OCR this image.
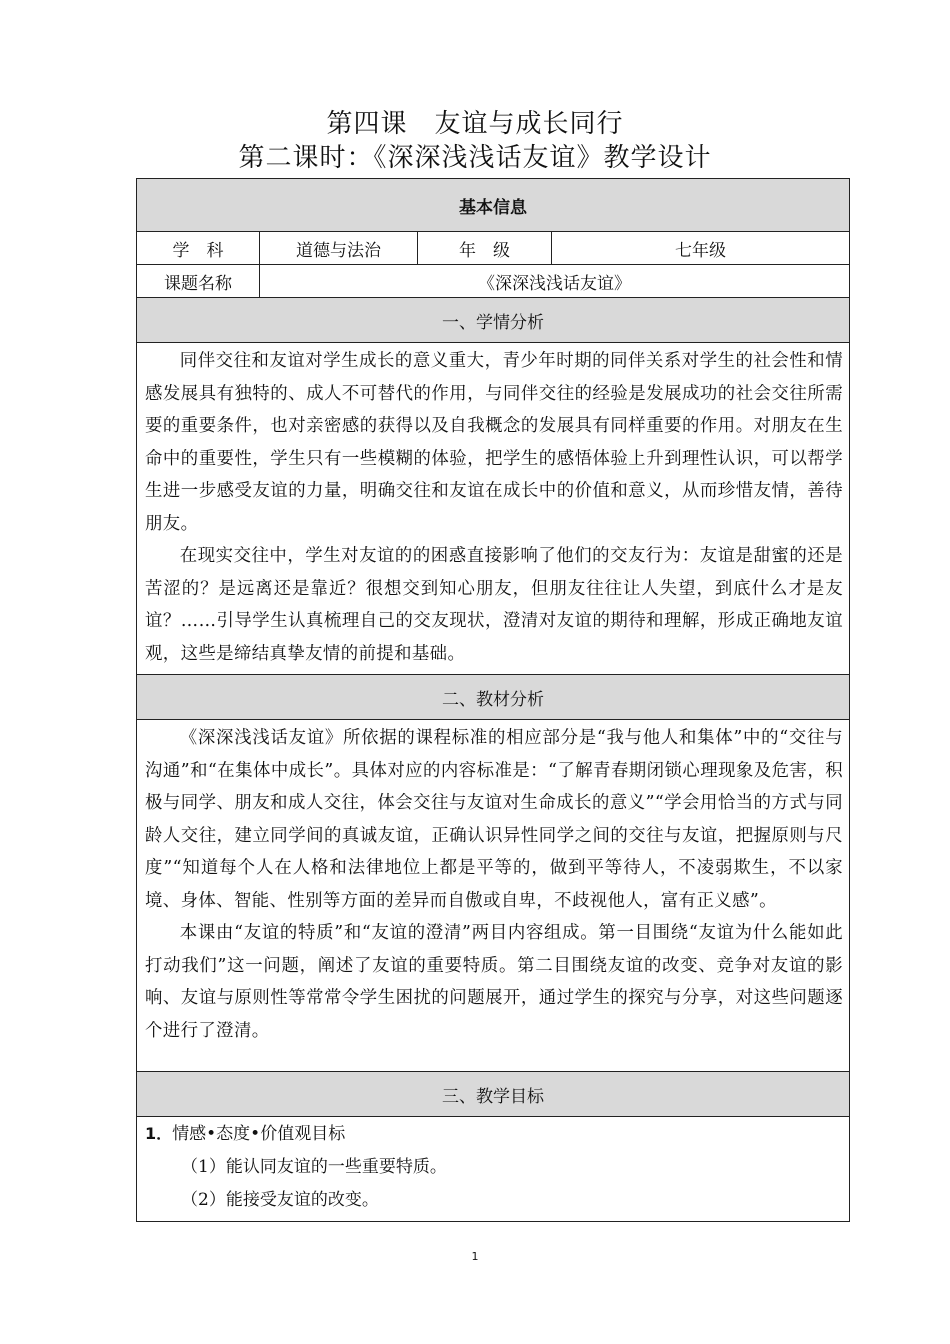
第四课　友谊与成长同行
第二课时：《深深浅浅话友谊》教学设计
基本信息			
学　科	道德与法治	年　级	七年级
课题名称	《深深浅浅话友谊》		
一、学情分析			

同伴交往和友谊对学生成长的意义重大，青少年时期的同伴关系对学生的社会性和情感发展具有独特的、成人不可替代的作用，与同伴交往的经验是发展成功的社会交往所需要的重要条件，也对亲密感的获得以及自我概念的发展具有同样重要的作用。对朋友在生命中的重要性，学生只有一些模糊的体验，把学生的感悟体验上升到理性认识，可以帮学生进一步感受友谊的力量，明确交往和友谊在成长中的价值和意义，从而珍惜友情，善待朋友。

在现实交往中，学生对友谊的的困惑直接影响了他们的交友行为：友谊是甜蜜的还是苦涩的？是远离还是靠近？很想交到知心朋友，但朋友往往让人失望，到底什么才是友谊？……引导学生认真梳理自己的交友现状，澄清对友谊的期待和理解，形成正确地友谊观，这些是缔结真挚友情的前提和基础。			

二、教材分析			

《深深浅浅话友谊》所依据的课程标准的相应部分是“我与他人和集体”中的“交往与沟通”和“在集体中成长”。具体对应的内容标准是：“了解青春期闭锁心理现象及危害，积极与同学、朋友和成人交往，体会交往与友谊对生命成长的意义”“学会用恰当的方式与同龄人交往，建立同学间的真诚友谊，正确认识异性同学之间的交往与友谊，把握原则与尺度”“知道每个人在人格和法律地位上都是平等的，做到平等待人，不凌弱欺生，不以家境、身体、智能、性别等方面的差异而自傲或自卑，不歧视他人，富有正义感”。

本课由“友谊的特质”和“友谊的澄清”两目内容组成。第一目围绕“友谊为什么能如此打动我们”这一问题，阐述了友谊的重要特质。第二目围绕友谊的改变、竞争对友谊的影响、友谊与原则性等常常令学生困扰的问题展开，通过学生的探究与分享，对这些问题逐个进行了澄清。			

三、教学目标			

1．情感•态度•价值观目标

（1）能认同友谊的一些重要特质。

（2）能接受友谊的改变。			

1
